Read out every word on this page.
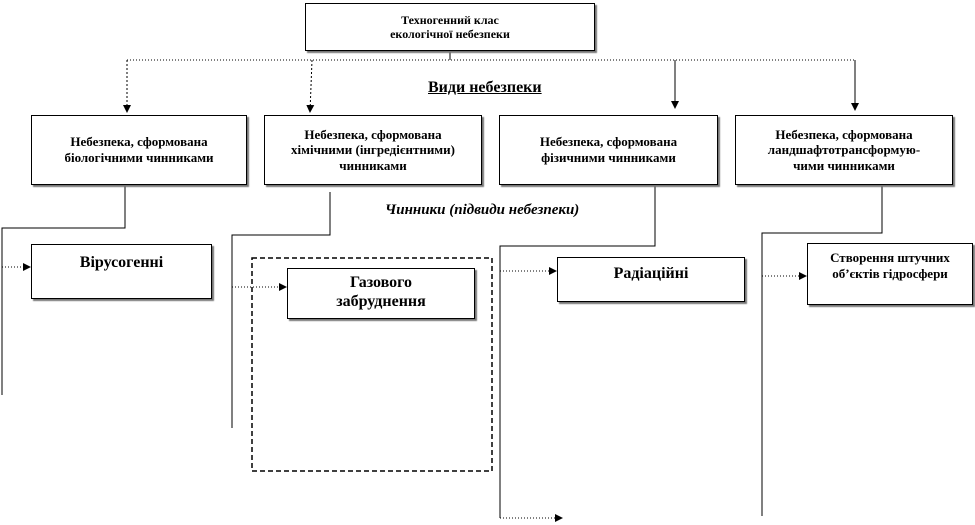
Техногенний клас
екологічної небезпеки
Види небезпеки
Небезпека, сформована
біологічними чинниками
Небезпека, сформована
хімічними (інгредієнтними)
чинниками
Небезпека, сформована
фізичними чинниками
Небезпека, сформована
ландшафтотрансформую-
чими чинниками
Чинники (підвиди небезпеки)
Вірусогенні
Газового
забруднення
Радіаційні
Створення штучних
об’єктів гідросфери
